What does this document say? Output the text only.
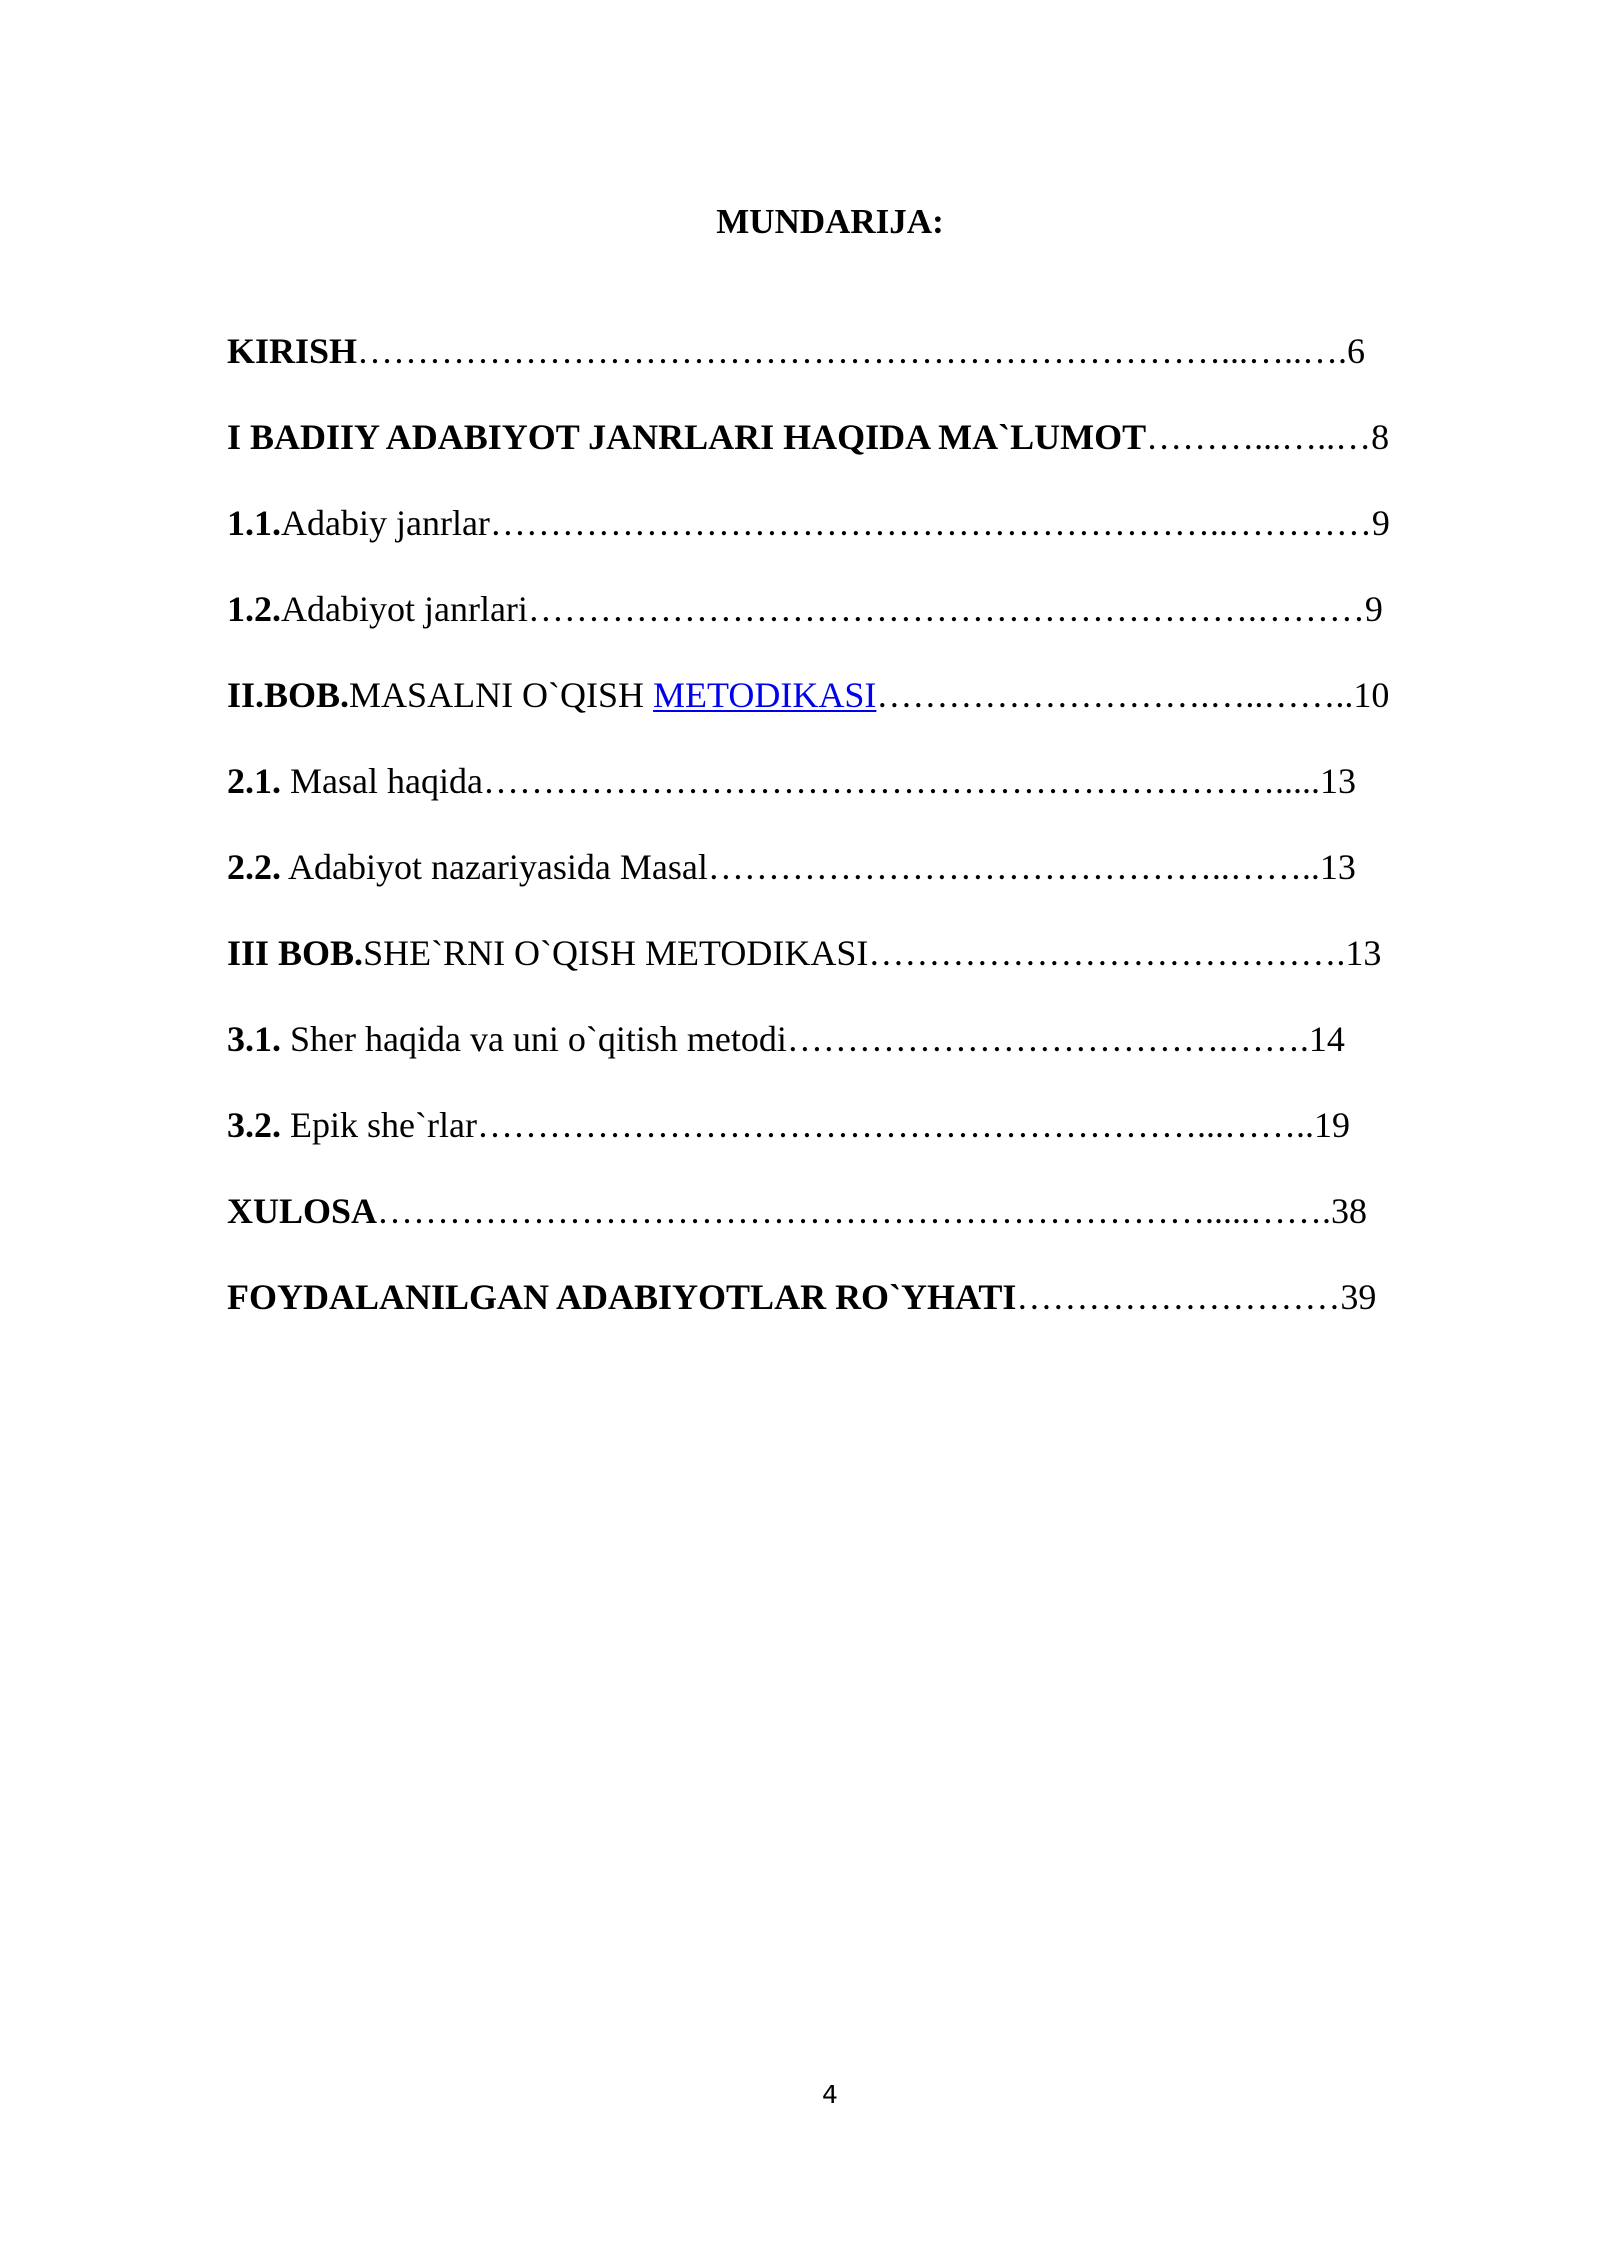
MUNDARIJA:
KIRISH………………………………………………………………...…..….6
I BADIIY ADABIYOT JANRLARI HAQIDA MA`LUMOT………...…..…8
1.1.Adabiy janrlar……………………………………………………..…………9
1.2.Adabiyot janrlari…………………………………………………….………9
II.BOB.MASALNI O`QISH METODIKASI……………………….…..……..10
2.1. Masal haqida………………………………………………………….....13
2.2. Adabiyot nazariyasida Masal……………………………………..……..13
III BOB.SHE`RNI O`QISH METODIKASI………………………………….13
3.1. Sher haqida va uni o`qitish metodi……………………………….…….14
3.2. Epik she`rlar……………………………………………………...……..19
XULOSA…………………………………………………………….....…….38
FOYDALANILGAN ADABIYOTLAR RO`YHATI………………………39
4
